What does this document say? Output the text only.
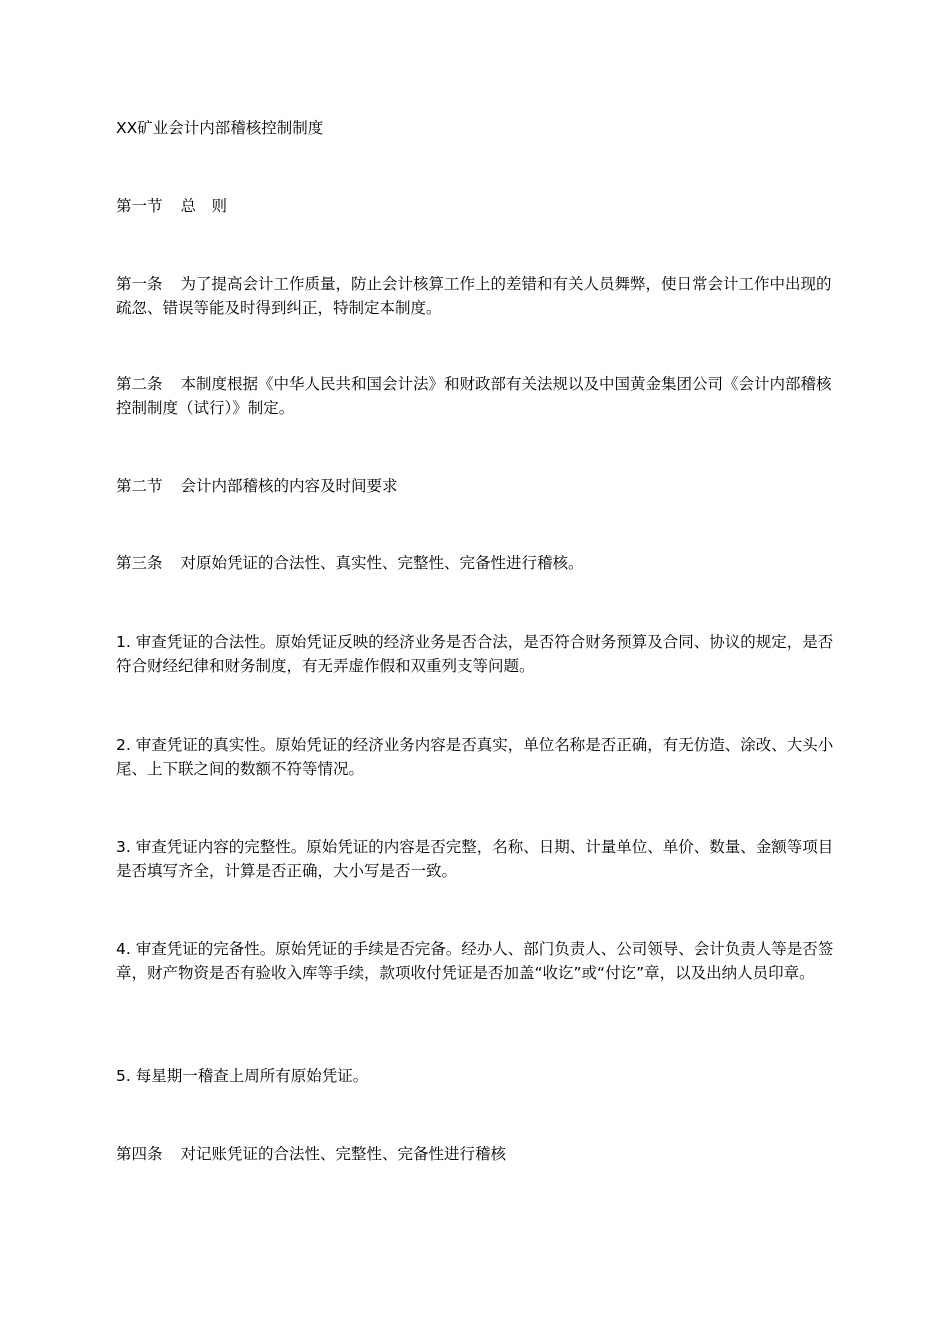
XX矿业会计内部稽核控制制度

第一节 总　则

第一条 为了提高会计工作质量，防止会计核算工作上的差错和有关人员舞弊，使日常会计工作中出现的疏忽、错误等能及时得到纠正，特制定本制度。

第二条 本制度根据《中华人民共和国会计法》和财政部有关法规以及中国黄金集团公司《会计内部稽核控制制度（试行）》制定。

第二节 会计内部稽核的内容及时间要求

第三条 对原始凭证的合法性、真实性、完整性、完备性进行稽核。

1. 审查凭证的合法性。原始凭证反映的经济业务是否合法，是否符合财务预算及合同、协议的规定，是否符合财经纪律和财务制度，有无弄虚作假和双重列支等问题。

2. 审查凭证的真实性。原始凭证的经济业务内容是否真实，单位名称是否正确，有无仿造、涂改、大头小尾、上下联之间的数额不符等情况。

3. 审查凭证内容的完整性。原始凭证的内容是否完整，名称、日期、计量单位、单价、数量、金额等项目是否填写齐全，计算是否正确，大小写是否一致。

4. 审查凭证的完备性。原始凭证的手续是否完备。经办人、部门负责人、公司领导、会计负责人等是否签章，财产物资是否有验收入库等手续，款项收付凭证是否加盖“收讫”或“付讫”章，以及出纳人员印章。

5. 每星期一稽查上周所有原始凭证。

第四条 对记账凭证的合法性、完整性、完备性进行稽核
